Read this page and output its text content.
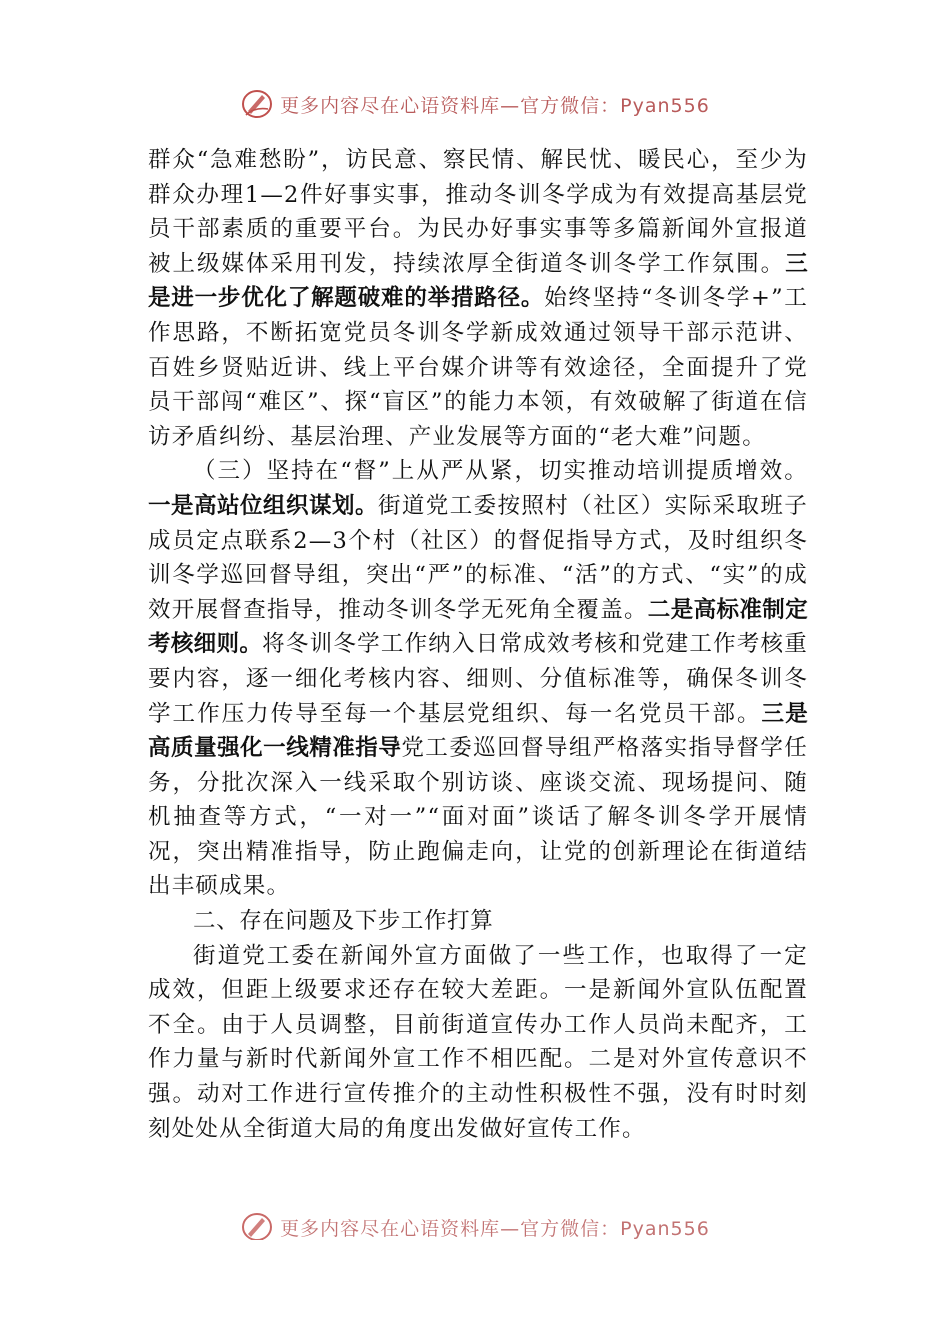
更多内容尽在心语资料库—官方微信：Pyan556

群众“急难愁盼”，访民意、察民情、解民忧、暖民心，至少为群众办理1—2件好事实事，推动冬训冬学成为有效提高基层党员干部素质的重要平台。为民办好事实事等多篇新闻外宣报道被上级媒体采用刊发，持续浓厚全街道冬训冬学工作氛围。三是进一步优化了解题破难的举措路径。始终坚持“冬训冬学+”工作思路，不断拓宽党员冬训冬学新成效通过领导干部示范讲、百姓乡贤贴近讲、线上平台媒介讲等有效途径，全面提升了党员干部闯“难区”、探“盲区”的能力本领，有效破解了街道在信访矛盾纠纷、基层治理、产业发展等方面的“老大难”问题。

（三）坚持在“督”上从严从紧，切实推动培训提质增效。一是高站位组织谋划。街道党工委按照村（社区）实际采取班子成员定点联系2—3个村（社区）的督促指导方式，及时组织冬训冬学巡回督导组，突出“严”的标准、“活”的方式、“实”的成效开展督查指导，推动冬训冬学无死角全覆盖。二是高标准制定考核细则。将冬训冬学工作纳入日常成效考核和党建工作考核重要内容，逐一细化考核内容、细则、分值标准等，确保冬训冬学工作压力传导至每一个基层党组织、每一名党员干部。三是高质量强化一线精准指导党工委巡回督导组严格落实指导督学任务，分批次深入一线采取个别访谈、座谈交流、现场提问、随机抽查等方式，“一对一”“面对面”谈话了解冬训冬学开展情况，突出精准指导，防止跑偏走向，让党的创新理论在街道结出丰硕成果。

二、存在问题及下步工作打算

街道党工委在新闻外宣方面做了一些工作，也取得了一定成效，但距上级要求还存在较大差距。一是新闻外宣队伍配置不全。由于人员调整，目前街道宣传办工作人员尚未配齐，工作力量与新时代新闻外宣工作不相匹配。二是对外宣传意识不强。动对工作进行宣传推介的主动性积极性不强，没有时时刻刻处处从全街道大局的角度出发做好宣传工作。

更多内容尽在心语资料库—官方微信：Pyan556
